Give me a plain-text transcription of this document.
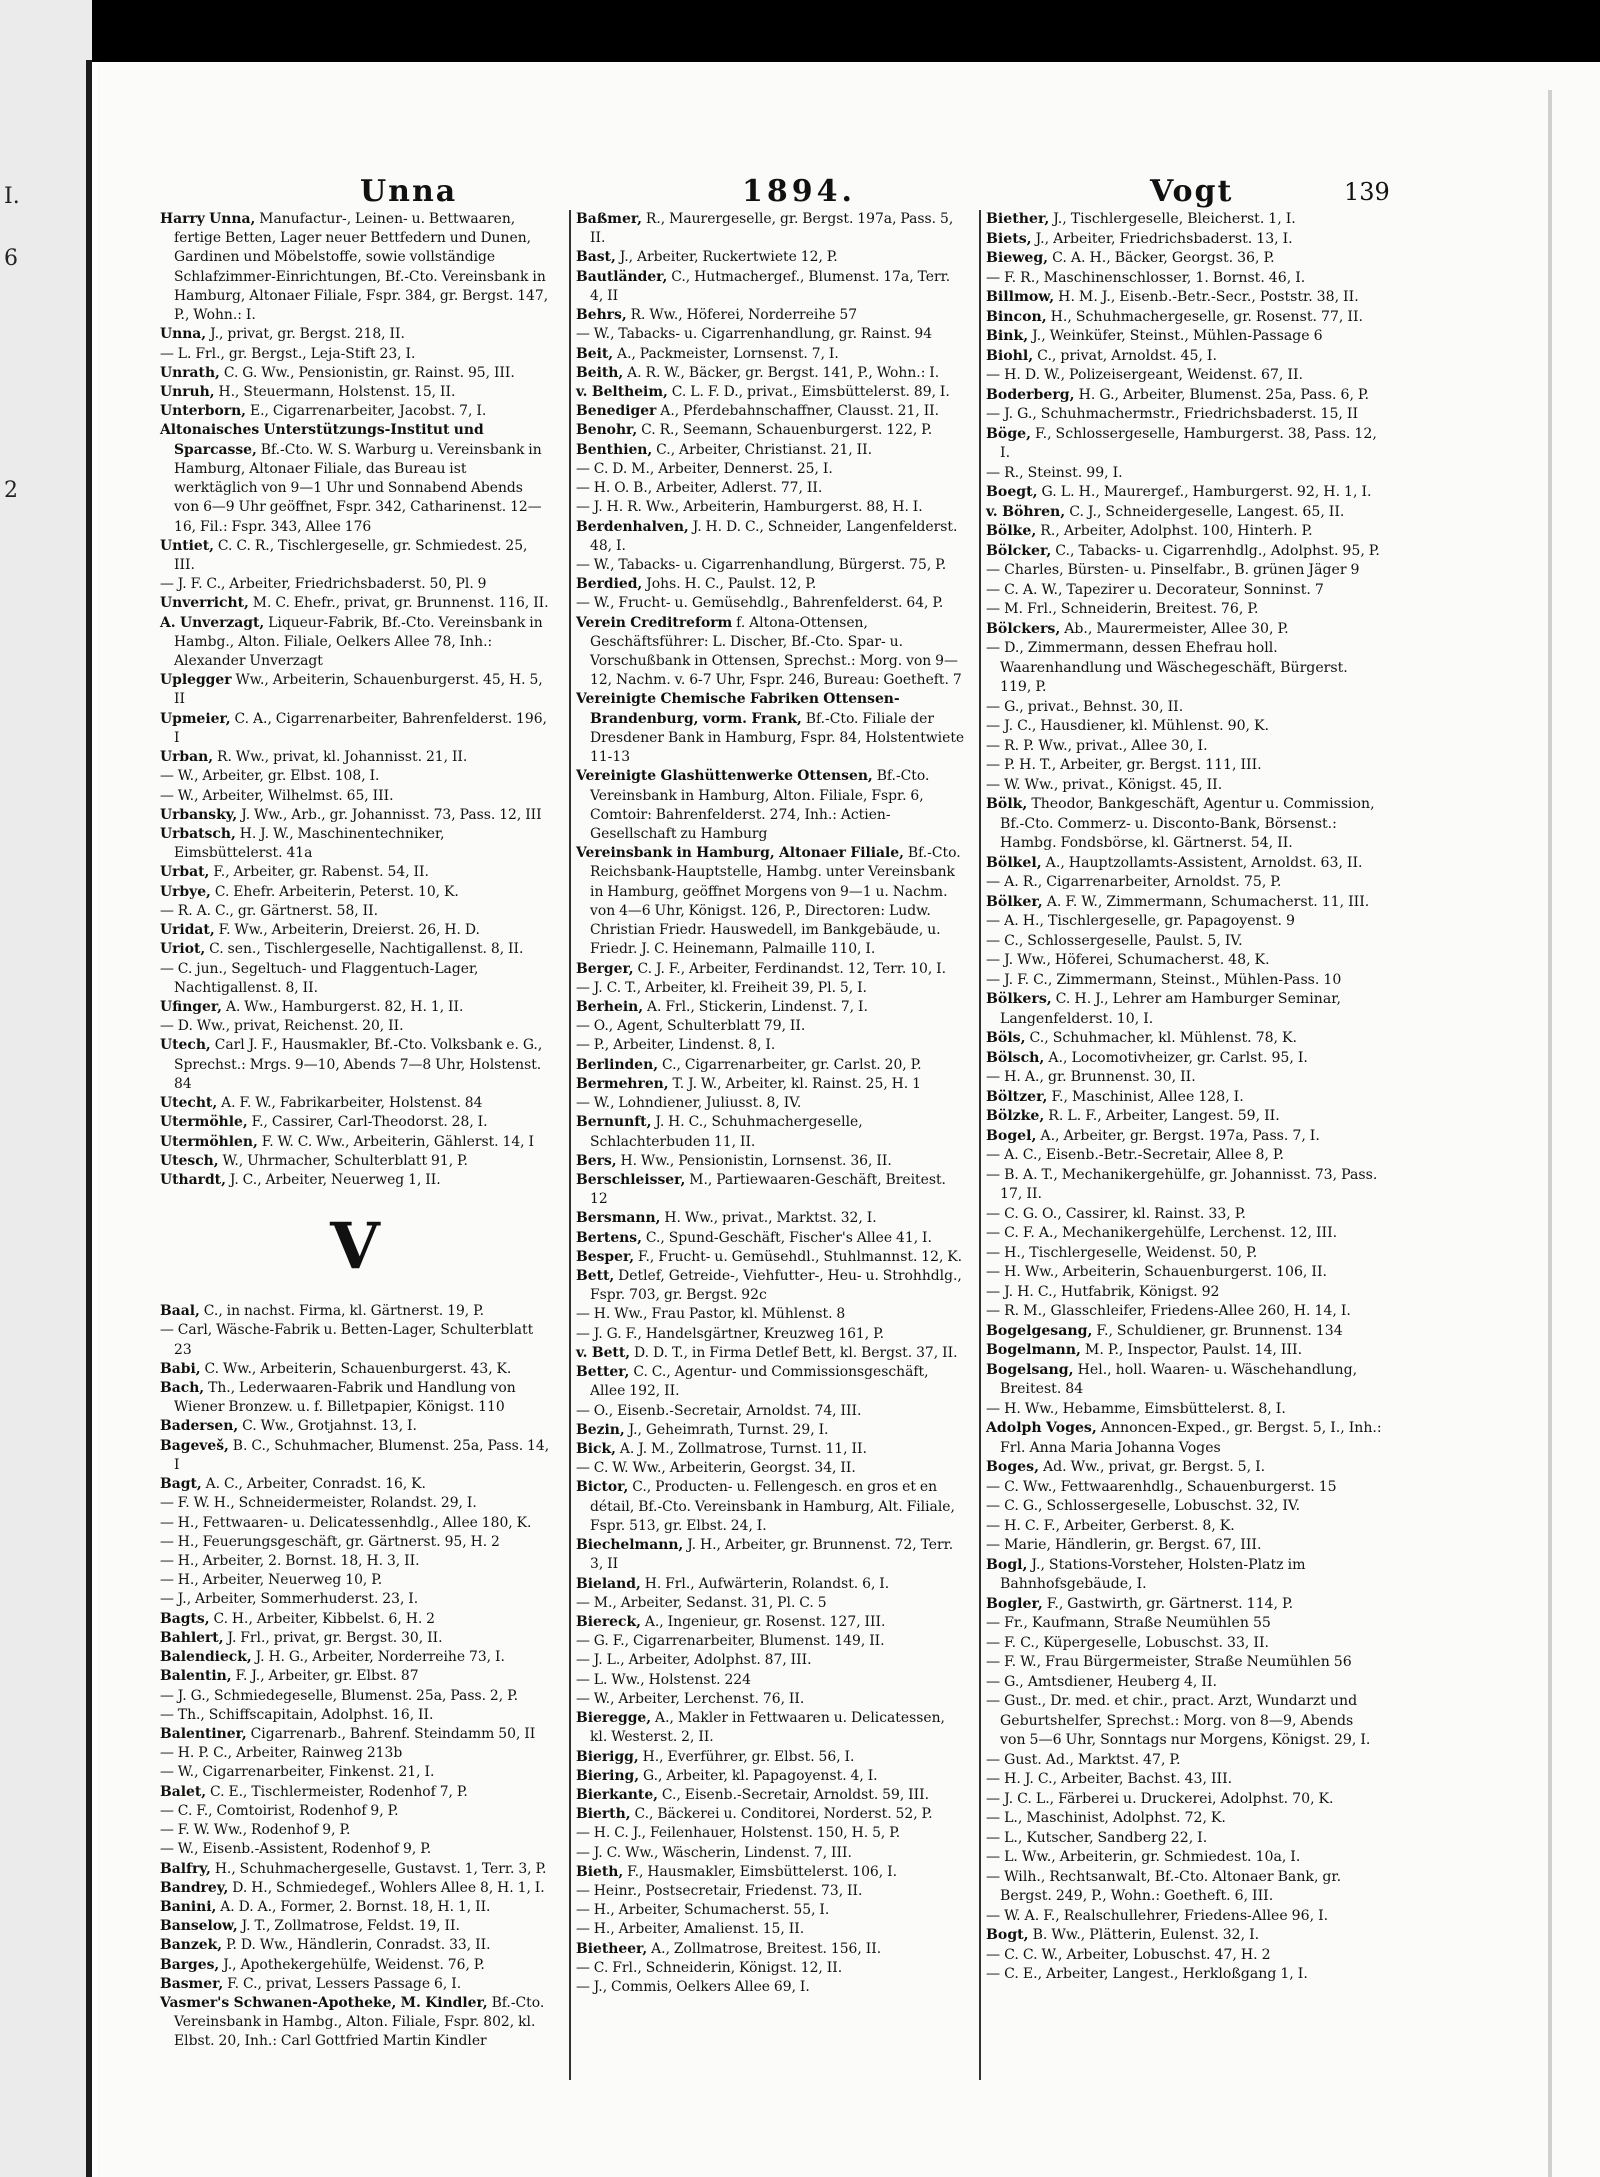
I.
6
2
Unna	1894.	Vogt	139

Harry Unna, Manufactur-, Leinen- u. Bettwaaren, fertige Betten, Lager neuer Bettfedern und Dunen, Gardinen und Möbelstoffe, sowie vollständige Schlafzimmer-Einrichtungen, Bf.-Cto. Vereinsbank in Hamburg, Altonaer Filiale, Fspr. 384, gr. Bergst. 147, P., Wohn.: I.

Unna, J., privat, gr. Bergst. 218, II.

— L. Frl., gr. Bergst., Leja-Stift 23, I.

Unrath, C. G. Ww., Pensionistin, gr. Rainst. 95, III.

Unruh, H., Steuermann, Holstenst. 15, II.

Unterborn, E., Cigarrenarbeiter, Jacobst. 7, I.

Altonaisches Unterstützungs-Institut und Sparcasse, Bf.-Cto. W. S. Warburg u. Vereinsbank in Hamburg, Altonaer Filiale, das Bureau ist werktäglich von 9—1 Uhr und Sonnabend Abends von 6—9 Uhr geöffnet, Fspr. 342, Catharinenst. 12—16, Fil.: Fspr. 343, Allee 176

Untiet, C. C. R., Tischlergeselle, gr. Schmiedest. 25, III.

— J. F. C., Arbeiter, Friedrichsbaderst. 50, Pl. 9

Unverricht, M. C. Ehefr., privat, gr. Brunnenst. 116, II.

A. Unverzagt, Liqueur-Fabrik, Bf.-Cto. Vereinsbank in Hambg., Alton. Filiale, Oelkers Allee 78, Inh.: Alexander Unverzagt

Uplegger Ww., Arbeiterin, Schauenburgerst. 45, H. 5, II

Upmeier, C. A., Cigarrenarbeiter, Bahrenfelderst. 196, I

Urban, R. Ww., privat, kl. Johannisst. 21, II.

— W., Arbeiter, gr. Elbst. 108, I.

— W., Arbeiter, Wilhelmst. 65, III.

Urbansky, J. Ww., Arb., gr. Johannisst. 73, Pass. 12, III

Urbatsch, H. J. W., Maschinentechniker, Eimsbüttelerst. 41a

Urbat, F., Arbeiter, gr. Rabenst. 54, II.

Urbye, C. Ehefr. Arbeiterin, Peterst. 10, K.

— R. A. C., gr. Gärtnerst. 58, II.

Uridat, F. Ww., Arbeiterin, Dreierst. 26, H. D.

Uriot, C. sen., Tischlergeselle, Nachtigallenst. 8, II.

— C. jun., Segeltuch- und Flaggentuch-Lager, Nachtigallenst. 8, II.

Ufinger, A. Ww., Hamburgerst. 82, H. 1, II.

— D. Ww., privat, Reichenst. 20, II.

Utech, Carl J. F., Hausmakler, Bf.-Cto. Volksbank e. G., Sprechst.: Mrgs. 9—10, Abends 7—8 Uhr, Holstenst. 84

Utecht, A. F. W., Fabrikarbeiter, Holstenst. 84

Utermöhle, F., Cassirer, Carl-Theodorst. 28, I.

Utermöhlen, F. W. C. Ww., Arbeiterin, Gählerst. 14, I

Utesch, W., Uhrmacher, Schulterblatt 91, P.

Uthardt, J. C., Arbeiter, Neuerweg 1, II.

V

Baal, C., in nachst. Firma, kl. Gärtnerst. 19, P.

— Carl, Wäsche-Fabrik u. Betten-Lager, Schulterblatt 23

Babi, C. Ww., Arbeiterin, Schauenburgerst. 43, K.

Bach, Th., Lederwaaren-Fabrik und Handlung von Wiener Bronzew. u. f. Billetpapier, Königst. 110

Badersen, C. Ww., Grotjahnst. 13, I.

Bageveš, B. C., Schuhmacher, Blumenst. 25a, Pass. 14, I

Bagt, A. C., Arbeiter, Conradst. 16, K.

— F. W. H., Schneidermeister, Rolandst. 29, I.

— H., Fettwaaren- u. Delicatessenhdlg., Allee 180, K.

— H., Feuerungsgeschäft, gr. Gärtnerst. 95, H. 2

— H., Arbeiter, 2. Bornst. 18, H. 3, II.

— H., Arbeiter, Neuerweg 10, P.

— J., Arbeiter, Sommerhuderst. 23, I.

Bagts, C. H., Arbeiter, Kibbelst. 6, H. 2

Bahlert, J. Frl., privat, gr. Bergst. 30, II.

Balendieck, J. H. G., Arbeiter, Norderreihe 73, I.

Balentin, F. J., Arbeiter, gr. Elbst. 87

— J. G., Schmiedegeselle, Blumenst. 25a, Pass. 2, P.

— Th., Schiffscapitain, Adolphst. 16, II.

Balentiner, Cigarrenarb., Bahrenf. Steindamm 50, II

— H. P. C., Arbeiter, Rainweg 213b

— W., Cigarrenarbeiter, Finkenst. 21, I.

Balet, C. E., Tischlermeister, Rodenhof 7, P.

— C. F., Comtoirist, Rodenhof 9, P.

— F. W. Ww., Rodenhof 9, P.

— W., Eisenb.-Assistent, Rodenhof 9, P.

Balfry, H., Schuhmachergeselle, Gustavst. 1, Terr. 3, P.

Bandrey, D. H., Schmiedegef., Wohlers Allee 8, H. 1, I.

Banini, A. D. A., Former, 2. Bornst. 18, H. 1, II.

Banselow, J. T., Zollmatrose, Feldst. 19, II.

Banzek, P. D. Ww., Händlerin, Conradst. 33, II.

Barges, J., Apothekergehülfe, Weidenst. 76, P.

Basmer, F. C., privat, Lessers Passage 6, I.

Vasmer's Schwanen-Apotheke, M. Kindler, Bf.-Cto. Vereinsbank in Hambg., Alton. Filiale, Fspr. 802, kl. Elbst. 20, Inh.: Carl Gottfried Martin Kindler

Baßmer, R., Maurergeselle, gr. Bergst. 197a, Pass. 5, II.

Bast, J., Arbeiter, Ruckertwiete 12, P.

Bautländer, C., Hutmachergef., Blumenst. 17a, Terr. 4, II

Behrs, R. Ww., Höferei, Norderreihe 57

— W., Tabacks- u. Cigarrenhandlung, gr. Rainst. 94

Beit, A., Packmeister, Lornsenst. 7, I.

Beith, A. R. W., Bäcker, gr. Bergst. 141, P., Wohn.: I.

v. Beltheim, C. L. F. D., privat., Eimsbüttelerst. 89, I.

Benediger A., Pferdebahnschaffner, Clausst. 21, II.

Benohr, C. R., Seemann, Schauenburgerst. 122, P.

Benthien, C., Arbeiter, Christianst. 21, II.

— C. D. M., Arbeiter, Dennerst. 25, I.

— H. O. B., Arbeiter, Adlerst. 77, II.

— J. H. R. Ww., Arbeiterin, Hamburgerst. 88, H. I.

Berdenhalven, J. H. D. C., Schneider, Langenfelderst. 48, I.

— W., Tabacks- u. Cigarrenhandlung, Bürgerst. 75, P.

Berdied, Johs. H. C., Paulst. 12, P.

— W., Frucht- u. Gemüsehdlg., Bahrenfelderst. 64, P.

Verein Creditreform f. Altona-Ottensen, Geschäftsführer: L. Discher, Bf.-Cto. Spar- u. Vorschußbank in Ottensen, Sprechst.: Morg. von 9—12, Nachm. v. 6-7 Uhr, Fspr. 246, Bureau: Goetheft. 7

Vereinigte Chemische Fabriken Ottensen-Brandenburg, vorm. Frank, Bf.-Cto. Filiale der Dresdener Bank in Hamburg, Fspr. 84, Holstentwiete 11-13

Vereinigte Glashüttenwerke Ottensen, Bf.-Cto. Vereinsbank in Hamburg, Alton. Filiale, Fspr. 6, Comtoir: Bahrenfelderst. 274, Inh.: Actien-Gesellschaft zu Hamburg

Vereinsbank in Hamburg, Altonaer Filiale, Bf.-Cto. Reichsbank-Hauptstelle, Hambg. unter Vereinsbank in Hamburg, geöffnet Morgens von 9—1 u. Nachm. von 4—6 Uhr, Königst. 126, P., Directoren: Ludw. Christian Friedr. Hauswedell, im Bankgebäude, u. Friedr. J. C. Heinemann, Palmaille 110, I.

Berger, C. J. F., Arbeiter, Ferdinandst. 12, Terr. 10, I.

— J. C. T., Arbeiter, kl. Freiheit 39, Pl. 5, I.

Berhein, A. Frl., Stickerin, Lindenst. 7, I.

— O., Agent, Schulterblatt 79, II.

— P., Arbeiter, Lindenst. 8, I.

Berlinden, C., Cigarrenarbeiter, gr. Carlst. 20, P.

Bermehren, T. J. W., Arbeiter, kl. Rainst. 25, H. 1

— W., Lohndiener, Juliusst. 8, IV.

Bernunft, J. H. C., Schuhmachergeselle, Schlachterbuden 11, II.

Bers, H. Ww., Pensionistin, Lornsenst. 36, II.

Berschleisser, M., Partiewaaren-Geschäft, Breitest. 12

Bersmann, H. Ww., privat., Marktst. 32, I.

Bertens, C., Spund-Geschäft, Fischer's Allee 41, I.

Besper, F., Frucht- u. Gemüsehdl., Stuhlmannst. 12, K.

Bett, Detlef, Getreide-, Viehfutter-, Heu- u. Strohhdlg., Fspr. 703, gr. Bergst. 92c

— H. Ww., Frau Pastor, kl. Mühlenst. 8

— J. G. F., Handelsgärtner, Kreuzweg 161, P.

v. Bett, D. D. T., in Firma Detlef Bett, kl. Bergst. 37, II.

Better, C. C., Agentur- und Commissionsgeschäft, Allee 192, II.

— O., Eisenb.-Secretair, Arnoldst. 74, III.

Bezin, J., Geheimrath, Turnst. 29, I.

Bick, A. J. M., Zollmatrose, Turnst. 11, II.

— C. W. Ww., Arbeiterin, Georgst. 34, II.

Bictor, C., Producten- u. Fellengesch. en gros et en détail, Bf.-Cto. Vereinsbank in Hamburg, Alt. Filiale, Fspr. 513, gr. Elbst. 24, I.

Biechelmann, J. H., Arbeiter, gr. Brunnenst. 72, Terr. 3, II

Bieland, H. Frl., Aufwärterin, Rolandst. 6, I.

— M., Arbeiter, Sedanst. 31, Pl. C. 5

Biereck, A., Ingenieur, gr. Rosenst. 127, III.

— G. F., Cigarrenarbeiter, Blumenst. 149, II.

— J. L., Arbeiter, Adolphst. 87, III.

— L. Ww., Holstenst. 224

— W., Arbeiter, Lerchenst. 76, II.

Bieregge, A., Makler in Fettwaaren u. Delicatessen, kl. Westerst. 2, II.

Bierigg, H., Everführer, gr. Elbst. 56, I.

Biering, G., Arbeiter, kl. Papagoyenst. 4, I.

Bierkante, C., Eisenb.-Secretair, Arnoldst. 59, III.

Bierth, C., Bäckerei u. Conditorei, Norderst. 52, P.

— H. C. J., Feilenhauer, Holstenst. 150, H. 5, P.

— J. C. Ww., Wäscherin, Lindenst. 7, III.

Bieth, F., Hausmakler, Eimsbüttelerst. 106, I.

— Heinr., Postsecretair, Friedenst. 73, II.

— H., Arbeiter, Schumacherst. 55, I.

— H., Arbeiter, Amalienst. 15, II.

Bietheer, A., Zollmatrose, Breitest. 156, II.

— C. Frl., Schneiderin, Königst. 12, II.

— J., Commis, Oelkers Allee 69, I.

Biether, J., Tischlergeselle, Bleicherst. 1, I.

Biets, J., Arbeiter, Friedrichsbaderst. 13, I.

Bieweg, C. A. H., Bäcker, Georgst. 36, P.

— F. R., Maschinenschlosser, 1. Bornst. 46, I.

Billmow, H. M. J., Eisenb.-Betr.-Secr., Poststr. 38, II.

Bincon, H., Schuhmachergeselle, gr. Rosenst. 77, II.

Bink, J., Weinküfer, Steinst., Mühlen-Passage 6

Biohl, C., privat, Arnoldst. 45, I.

— H. D. W., Polizeisergeant, Weidenst. 67, II.

Boderberg, H. G., Arbeiter, Blumenst. 25a, Pass. 6, P.

— J. G., Schuhmachermstr., Friedrichsbaderst. 15, II

Böge, F., Schlossergeselle, Hamburgerst. 38, Pass. 12, I.

— R., Steinst. 99, I.

Boegt, G. L. H., Maurergef., Hamburgerst. 92, H. 1, I.

v. Böhren, C. J., Schneidergeselle, Langest. 65, II.

Bölke, R., Arbeiter, Adolphst. 100, Hinterh. P.

Bölcker, C., Tabacks- u. Cigarrenhdlg., Adolphst. 95, P.

— Charles, Bürsten- u. Pinselfabr., B. grünen Jäger 9

— C. A. W., Tapezirer u. Decorateur, Sonninst. 7

— M. Frl., Schneiderin, Breitest. 76, P.

Bölckers, Ab., Maurermeister, Allee 30, P.

— D., Zimmermann, dessen Ehefrau holl. Waarenhandlung und Wäschegeschäft, Bürgerst. 119, P.

— G., privat., Behnst. 30, II.

— J. C., Hausdiener, kl. Mühlenst. 90, K.

— R. P. Ww., privat., Allee 30, I.

— P. H. T., Arbeiter, gr. Bergst. 111, III.

— W. Ww., privat., Königst. 45, II.

Bölk, Theodor, Bankgeschäft, Agentur u. Commission, Bf.-Cto. Commerz- u. Disconto-Bank, Börsenst.: Hambg. Fondsbörse, kl. Gärtnerst. 54, II.

Bölkel, A., Hauptzollamts-Assistent, Arnoldst. 63, II.

— A. R., Cigarrenarbeiter, Arnoldst. 75, P.

Bölker, A. F. W., Zimmermann, Schumacherst. 11, III.

— A. H., Tischlergeselle, gr. Papagoyenst. 9

— C., Schlossergeselle, Paulst. 5, IV.

— J. Ww., Höferei, Schumacherst. 48, K.

— J. F. C., Zimmermann, Steinst., Mühlen-Pass. 10

Bölkers, C. H. J., Lehrer am Hamburger Seminar, Langenfelderst. 10, I.

Böls, C., Schuhmacher, kl. Mühlenst. 78, K.

Bölsch, A., Locomotivheizer, gr. Carlst. 95, I.

— H. A., gr. Brunnenst. 30, II.

Böltzer, F., Maschinist, Allee 128, I.

Bölzke, R. L. F., Arbeiter, Langest. 59, II.

Bogel, A., Arbeiter, gr. Bergst. 197a, Pass. 7, I.

— A. C., Eisenb.-Betr.-Secretair, Allee 8, P.

— B. A. T., Mechanikergehülfe, gr. Johannisst. 73, Pass. 17, II.

— C. G. O., Cassirer, kl. Rainst. 33, P.

— C. F. A., Mechanikergehülfe, Lerchenst. 12, III.

— H., Tischlergeselle, Weidenst. 50, P.

— H. Ww., Arbeiterin, Schauenburgerst. 106, II.

— J. H. C., Hutfabrik, Königst. 92

— R. M., Glasschleifer, Friedens-Allee 260, H. 14, I.

Bogelgesang, F., Schuldiener, gr. Brunnenst. 134

Bogelmann, M. P., Inspector, Paulst. 14, III.

Bogelsang, Hel., holl. Waaren- u. Wäschehandlung, Breitest. 84

— H. Ww., Hebamme, Eimsbüttelerst. 8, I.

Adolph Voges, Annoncen-Exped., gr. Bergst. 5, I., Inh.: Frl. Anna Maria Johanna Voges

Boges, Ad. Ww., privat, gr. Bergst. 5, I.

— C. Ww., Fettwaarenhdlg., Schauenburgerst. 15

— C. G., Schlossergeselle, Lobuschst. 32, IV.

— H. C. F., Arbeiter, Gerberst. 8, K.

— Marie, Händlerin, gr. Bergst. 67, III.

Bogl, J., Stations-Vorsteher, Holsten-Platz im Bahnhofsgebäude, I.

Bogler, F., Gastwirth, gr. Gärtnerst. 114, P.

— Fr., Kaufmann, Straße Neumühlen 55

— F. C., Küpergeselle, Lobuschst. 33, II.

— F. W., Frau Bürgermeister, Straße Neumühlen 56

— G., Amtsdiener, Heuberg 4, II.

— Gust., Dr. med. et chir., pract. Arzt, Wundarzt und Geburtshelfer, Sprechst.: Morg. von 8—9, Abends von 5—6 Uhr, Sonntags nur Morgens, Königst. 29, I.

— Gust. Ad., Marktst. 47, P.

— H. J. C., Arbeiter, Bachst. 43, III.

— J. C. L., Färberei u. Druckerei, Adolphst. 70, K.

— L., Maschinist, Adolphst. 72, K.

— L., Kutscher, Sandberg 22, I.

— L. Ww., Arbeiterin, gr. Schmiedest. 10a, I.

— Wilh., Rechtsanwalt, Bf.-Cto. Altonaer Bank, gr. Bergst. 249, P., Wohn.: Goetheft. 6, III.

— W. A. F., Realschullehrer, Friedens-Allee 96, I.

Bogt, B. Ww., Plätterin, Eulenst. 32, I.

— C. C. W., Arbeiter, Lobuschst. 47, H. 2

— C. E., Arbeiter, Langest., Herkloßgang 1, I.
